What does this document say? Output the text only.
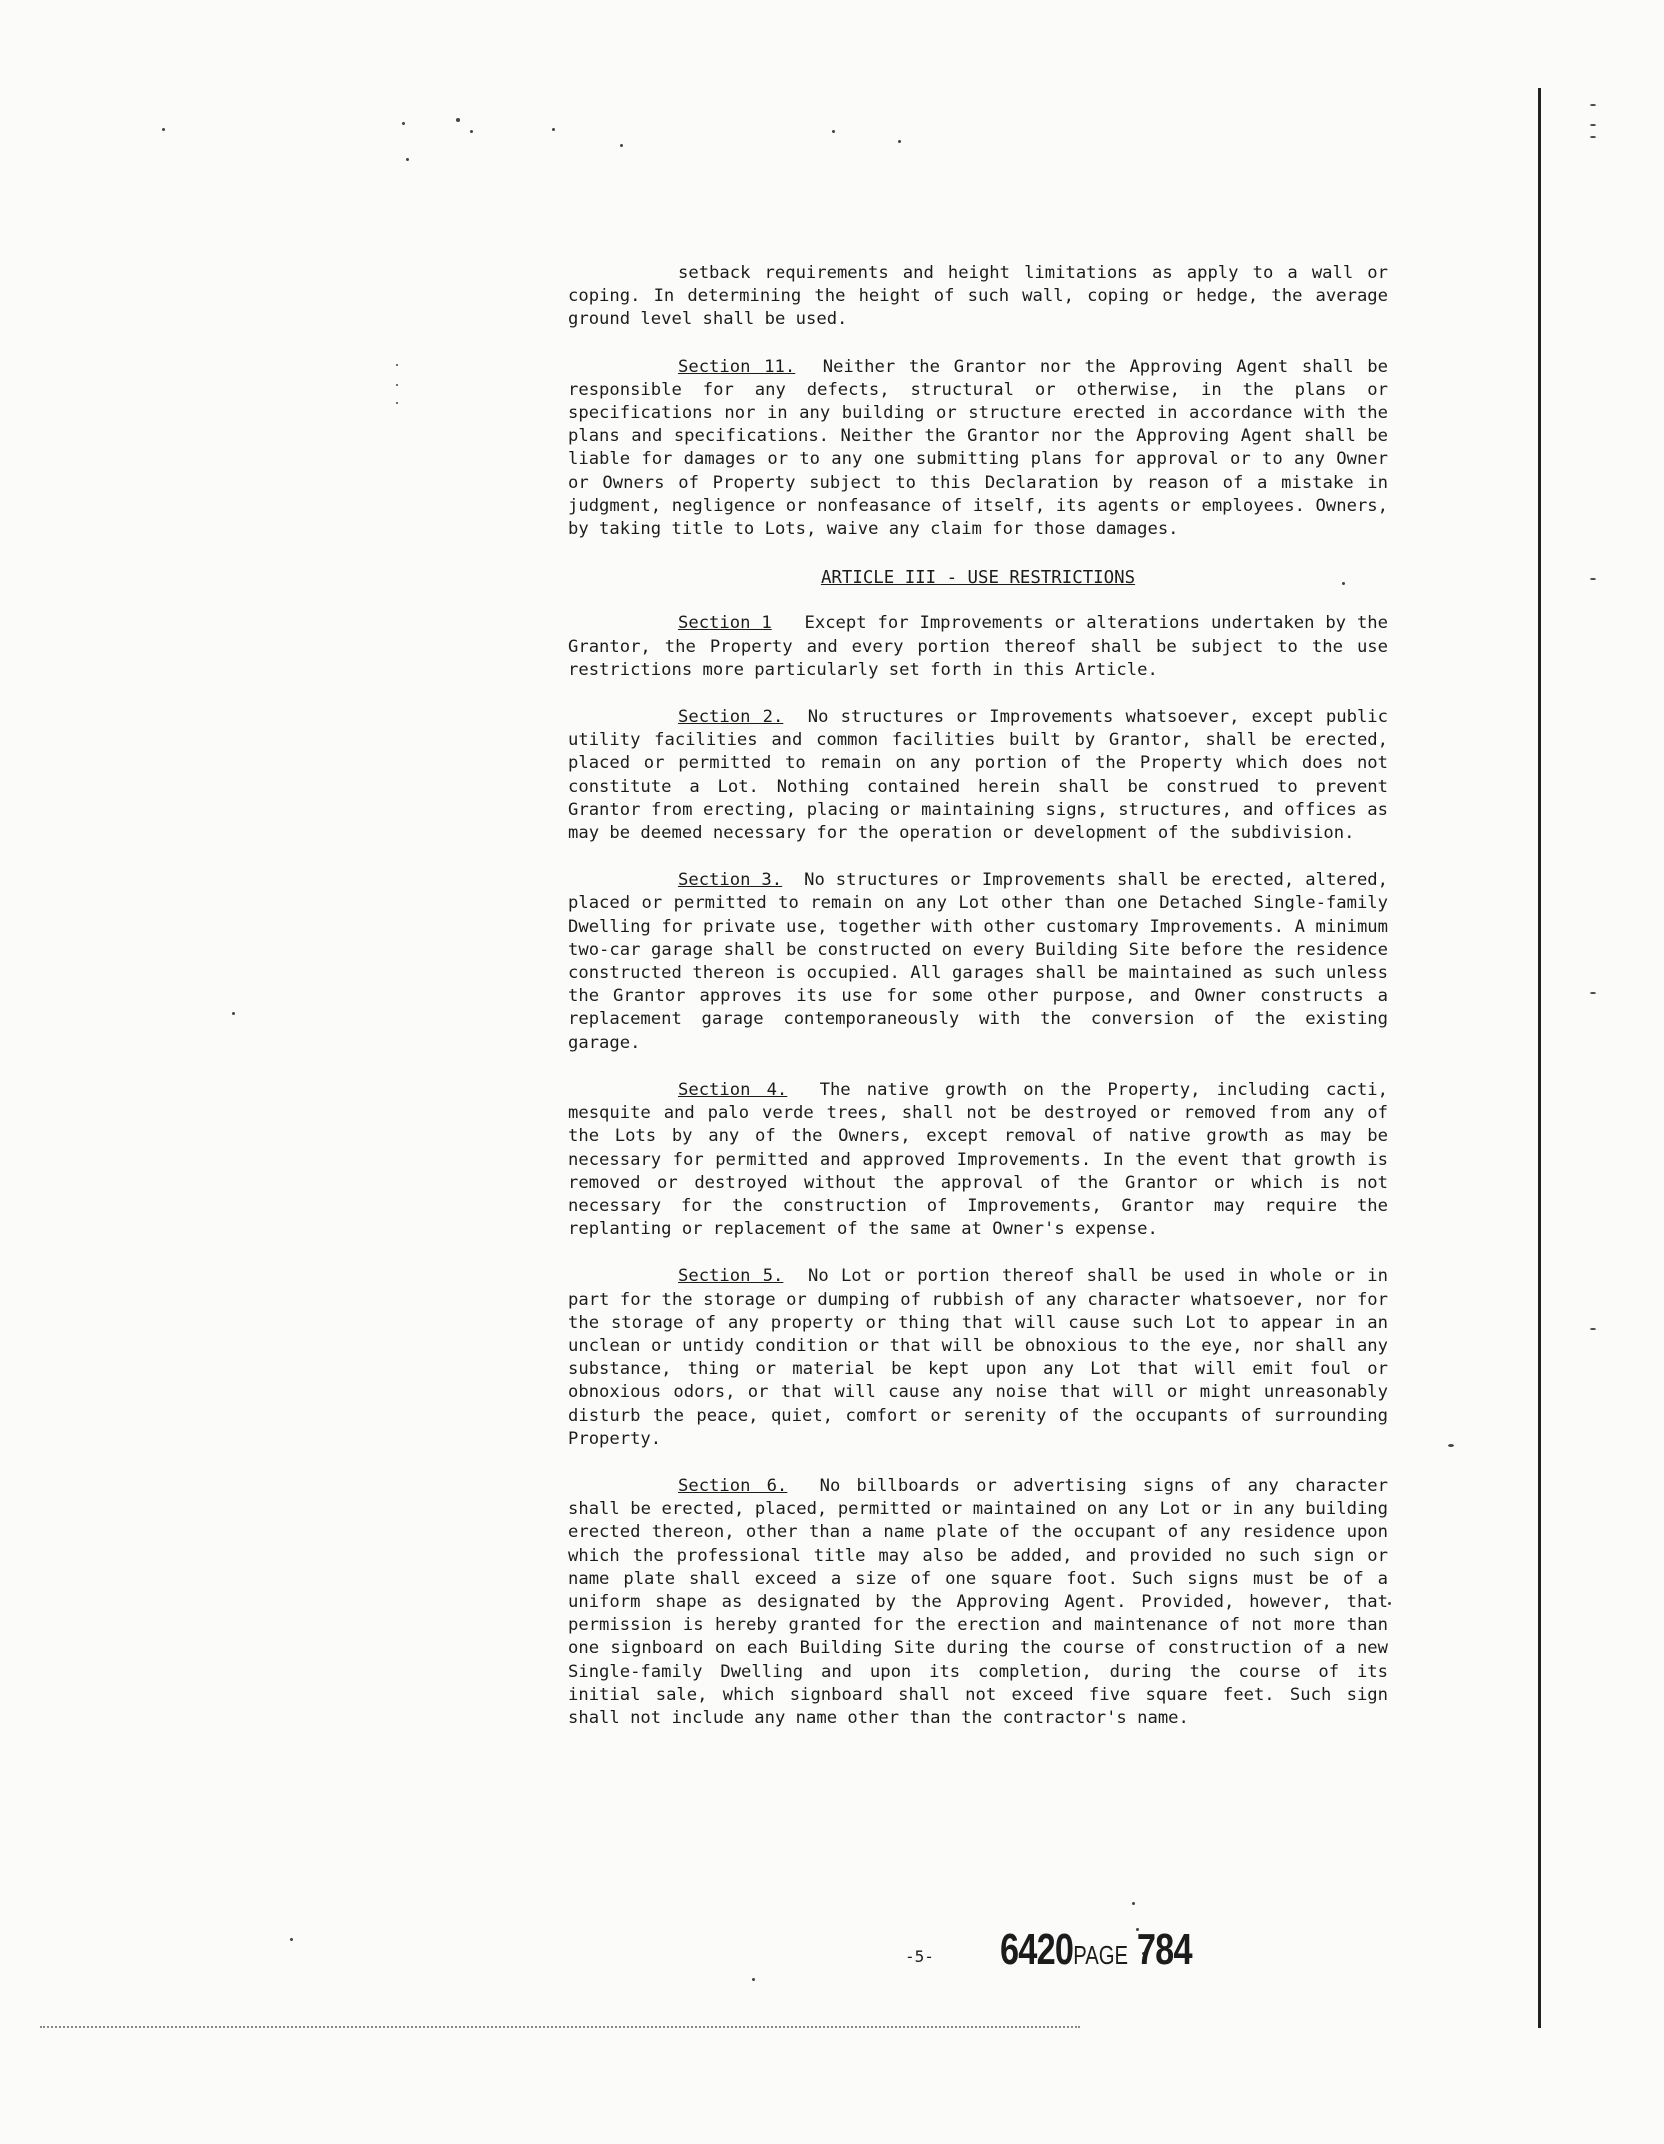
setback requirements and height limitations as apply to a wall or coping. In determining the height of such wall, coping or hedge, the average ground level shall be used.

Section 11. Neither the Grantor nor the Approving Agent shall be responsible for any defects, structural or otherwise, in the plans or specifications nor in any building or structure erected in accordance with the plans and specifications. Neither the Grantor nor the Approving Agent shall be liable for damages or to any one submitting plans for approval or to any Owner or Owners of Property subject to this Declaration by reason of a mistake in judgment, negligence or nonfeasance of itself, its agents or employees. Owners, by taking title to Lots, waive any claim for those damages.

ARTICLE III - USE RESTRICTIONS

Section 1 Except for Improvements or alterations undertaken by the Grantor, the Property and every portion thereof shall be subject to the use restrictions more particularly set forth in this Article.

Section 2. No structures or Improvements whatsoever, except public utility facilities and common facilities built by Grantor, shall be erected, placed or permitted to remain on any portion of the Property which does not constitute a Lot. Nothing contained herein shall be construed to prevent Grantor from erecting, placing or maintaining signs, structures, and offices as may be deemed necessary for the operation or development of the subdivision.

Section 3. No structures or Improvements shall be erected, altered, placed or permitted to remain on any Lot other than one Detached Single-family Dwelling for private use, together with other customary Improvements. A minimum two-car garage shall be constructed on every Building Site before the residence constructed thereon is occupied. All garages shall be maintained as such unless the Grantor approves its use for some other purpose, and Owner constructs a replacement garage contemporaneously with the conversion of the existing garage.

Section 4. The native growth on the Property, including cacti, mesquite and palo verde trees, shall not be destroyed or removed from any of the Lots by any of the Owners, except removal of native growth as may be necessary for permitted and approved Improvements. In the event that growth is removed or destroyed without the approval of the Grantor or which is not necessary for the construction of Improvements, Grantor may require the replanting or replacement of the same at Owner's expense.

Section 5. No Lot or portion thereof shall be used in whole or in part for the storage or dumping of rubbish of any character whatsoever, nor for the storage of any property or thing that will cause such Lot to appear in an unclean or untidy condition or that will be obnoxious to the eye, nor shall any substance, thing or material be kept upon any Lot that will emit foul or obnoxious odors, or that will cause any noise that will or might unreasonably disturb the peace, quiet, comfort or serenity of the occupants of surrounding Property.

Section 6. No billboards or advertising signs of any character shall be erected, placed, permitted or maintained on any Lot or in any building erected thereon, other than a name plate of the occupant of any residence upon which the professional title may also be added, and provided no such sign or name plate shall exceed a size of one square foot. Such signs must be of a uniform shape as designated by the Approving Agent. Provided, however, that permission is hereby granted for the erection and maintenance of not more than one signboard on each Building Site during the course of construction of a new Single-family Dwelling and upon its completion, during the course of its initial sale, which signboard shall not exceed five square feet. Such sign shall not include any name other than the contractor's name.

-5- 6420PAGE 784
